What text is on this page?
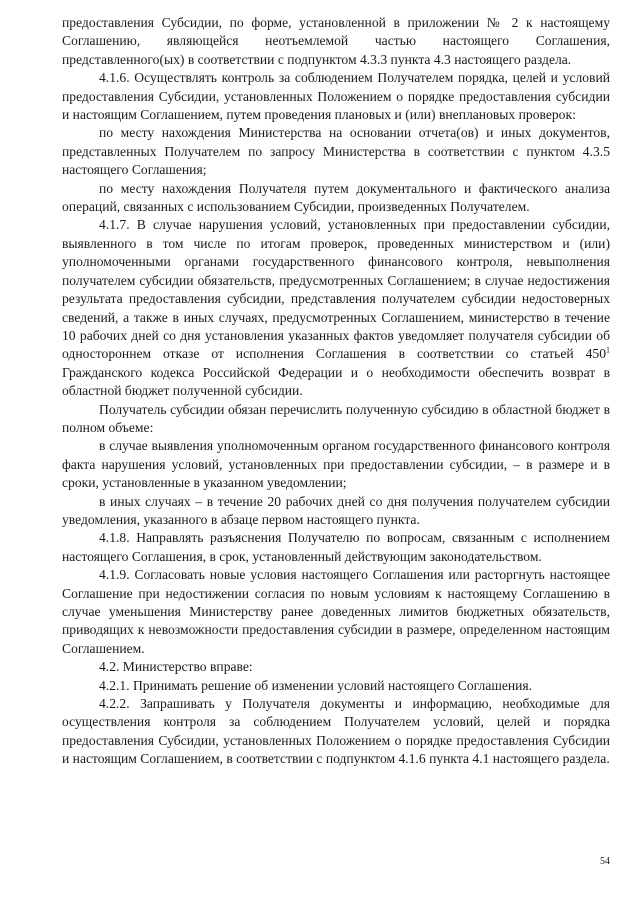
предоставления Субсидии, по форме, установленной в приложении № 2 к настоящему Соглашению, являющейся неотъемлемой частью настоящего Соглашения, представленного(ых) в соответствии с подпунктом 4.3.3 пункта 4.3 настоящего раздела.

4.1.6. Осуществлять контроль за соблюдением Получателем порядка, целей и условий предоставления Субсидии, установленных Положением о порядке предоставления субсидии и настоящим Соглашением, путем проведения плановых и (или) внеплановых проверок:

по месту нахождения Министерства на основании отчета(ов) и иных документов, представленных Получателем по запросу Министерства в соответствии с пунктом 4.3.5 настоящего Соглашения;

по месту нахождения Получателя путем документального и фактического анализа операций, связанных с использованием Субсидии, произведенных Получателем.

4.1.7. В случае нарушения условий, установленных при предоставлении субсидии, выявленного в том числе по итогам проверок, проведенных министерством и (или) уполномоченными органами государственного финансового контроля, невыполнения получателем субсидии обязательств, предусмотренных Соглашением; в случае недостижения результата предоставления субсидии, представления получателем субсидии недостоверных сведений, а также в иных случаях, предусмотренных Соглашением, министерство в течение 10 рабочих дней со дня установления указанных фактов уведомляет получателя субсидии об одностороннем отказе от исполнения Соглашения в соответствии со статьей $450^1$ Гражданского кодекса Российской Федерации и о необходимости обеспечить возврат в областной бюджет полученной субсидии.

Получатель субсидии обязан перечислить полученную субсидию в областной бюджет в полном объеме:

в случае выявления уполномоченным органом государственного финансового контроля факта нарушения условий, установленных при предоставлении субсидии, – в размере и в сроки, установленные в указанном уведомлении;

в иных случаях – в течение 20 рабочих дней со дня получения получателем субсидии уведомления, указанного в абзаце первом настоящего пункта.

4.1.8. Направлять разъяснения Получателю по вопросам, связанным с исполнением настоящего Соглашения, в срок, установленный действующим законодательством.

4.1.9. Согласовать новые условия настоящего Соглашения или расторгнуть настоящее Соглашение при недостижении согласия по новым условиям к настоящему Соглашению в случае уменьшения Министерству ранее доведенных лимитов бюджетных обязательств, приводящих к невозможности предоставления субсидии в размере, определенном настоящим Соглашением.

4.2. Министерство вправе:

4.2.1. Принимать решение об изменении условий настоящего Соглашения.

4.2.2. Запрашивать у Получателя документы и информацию, необходимые для осуществления контроля за соблюдением Получателем условий, целей и порядка предоставления Субсидии, установленных Положением о порядке предоставления Субсидии и настоящим Соглашением, в соответствии с подпунктом 4.1.6 пункта 4.1 настоящего раздела.

54
